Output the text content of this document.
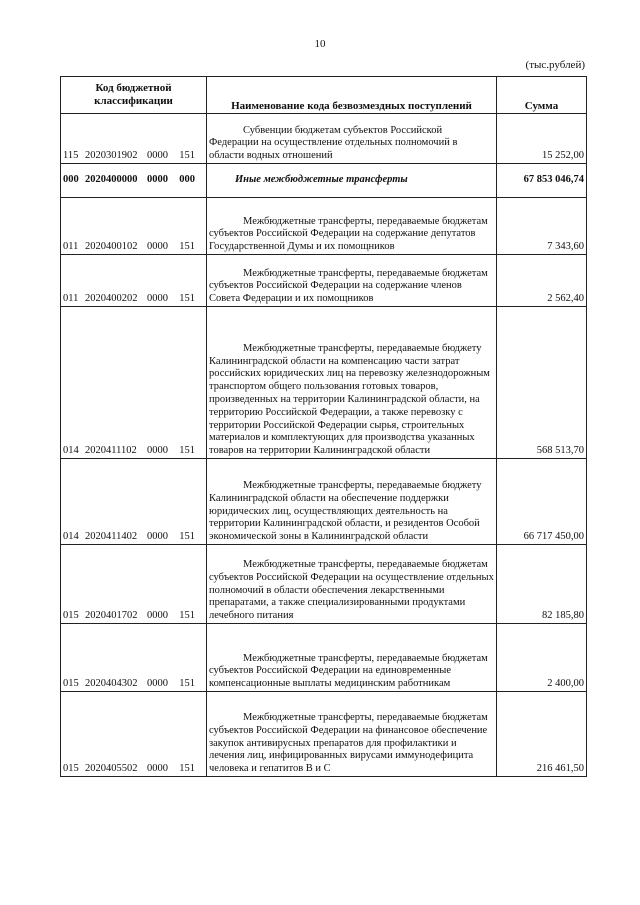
10
(тыс.рублей)
Код бюджетной классификации	Наименование кода безвозмездных поступлений	Сумма
115 2020301902 0000 151	Субвенции бюджетам субъектов Российской Федерации на осуществление отдельных полномочий в области водных отношений	15 252,00
000 2020400000 0000 000	Иные межбюджетные трансферты	67 853 046,74
011 2020400102 0000 151	Межбюджетные трансферты, передаваемые бюджетам субъектов Российской Федерации на содержание депутатов Государственной Думы и их помощников	7 343,60
011 2020400202 0000 151	Межбюджетные трансферты, передаваемые бюджетам субъектов Российской Федерации на содержание членов Совета Федерации и их помощников	2 562,40
014 2020411102 0000 151	Межбюджетные трансферты, передаваемые бюджету Калининградской области на компенсацию части затрат российских юридических лиц на перевозку железнодорожным транспортом общего пользования готовых товаров, произведенных на территории Калининградской области, на территорию Российской Федерации, а также перевозку с территории Российской Федерации сырья, строительных материалов и комплектующих для производства указанных товаров на территории Калининградской области	568 513,70
014 2020411402 0000 151	Межбюджетные трансферты, передаваемые бюджету Калининградской области на обеспечение поддержки юридических лиц, осуществляющих деятельность на территории Калининградской области, и резидентов Особой экономической зоны в Калининградской области	66 717 450,00
015 2020401702 0000 151	Межбюджетные трансферты, передаваемые бюджетам субъектов Российской Федерации на осуществление отдельных полномочий в области обеспечения лекарственными препаратами, а также специализированными продуктами лечебного питания	82 185,80
015 2020404302 0000 151	Межбюджетные трансферты, передаваемые бюджетам субъектов Российской Федерации на единовременные компенсационные выплаты медицинским работникам	2 400,00
015 2020405502 0000 151	Межбюджетные трансферты, передаваемые бюджетам субъектов Российской Федерации на финансовое обеспечение закупок антивирусных препаратов для профилактики и лечения лиц, инфицированных вирусами иммунодефицита человека и гепатитов В и С	216 461,50
